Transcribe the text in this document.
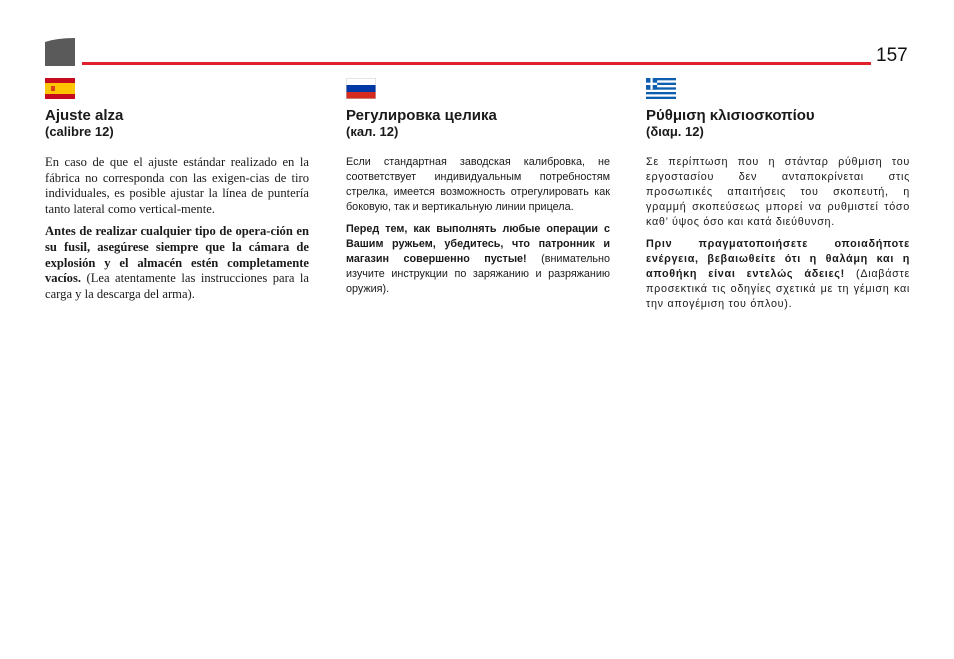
157
Ajuste alza
(calibre 12)

En caso de que el ajuste estándar realizado en la fábrica no corresponda con las exigen-cias de tiro individuales, es posible ajustar la línea de puntería tanto lateral como vertical-mente.

Antes de realizar cualquier tipo de opera-ción en su fusil, asegúrese siempre que la cámara de explosión y el almacén estén completamente vacíos. (Lea atentamente las instrucciones para la carga y la descarga del arma).

Регулировка целика
(кал. 12)

Если стандартная заводская калибровка, не соответствует индивидуальным потребностям стрелка, имеется возможность отрегулировать как боковую, так и вертикальную линии прицела.

Перед тем, как выполнять любые операции с Вашим ружьем, убедитесь, что патронник и магазин совершенно пустые! (внимательно изучите инструкции по заряжанию и разряжанию оружия).

Ρύθμιση κλισιοσκοπίου
(διαμ. 12)

Σε περίπτωση που η στάνταρ ρύθμιση του εργοστασίου δεν ανταποκρίνεται στις προσωπικές απαιτήσεις του σκοπευτή, η γραμμή σκοπεύσεως μπορεί να ρυθμιστεί τόσο καθ’ ύψος όσο και κατά διεύθυνση.

Πριν πραγματοποιήσετε οποιαδήποτε ενέργεια, βεβαιωθείτε ότι η θαλάμη και η αποθήκη είναι εντελώς άδειες! (Διαβάστε προσεκτικά τις οδηγίες σχετικά με τη γέμιση και την απογέμιση του όπλου).
